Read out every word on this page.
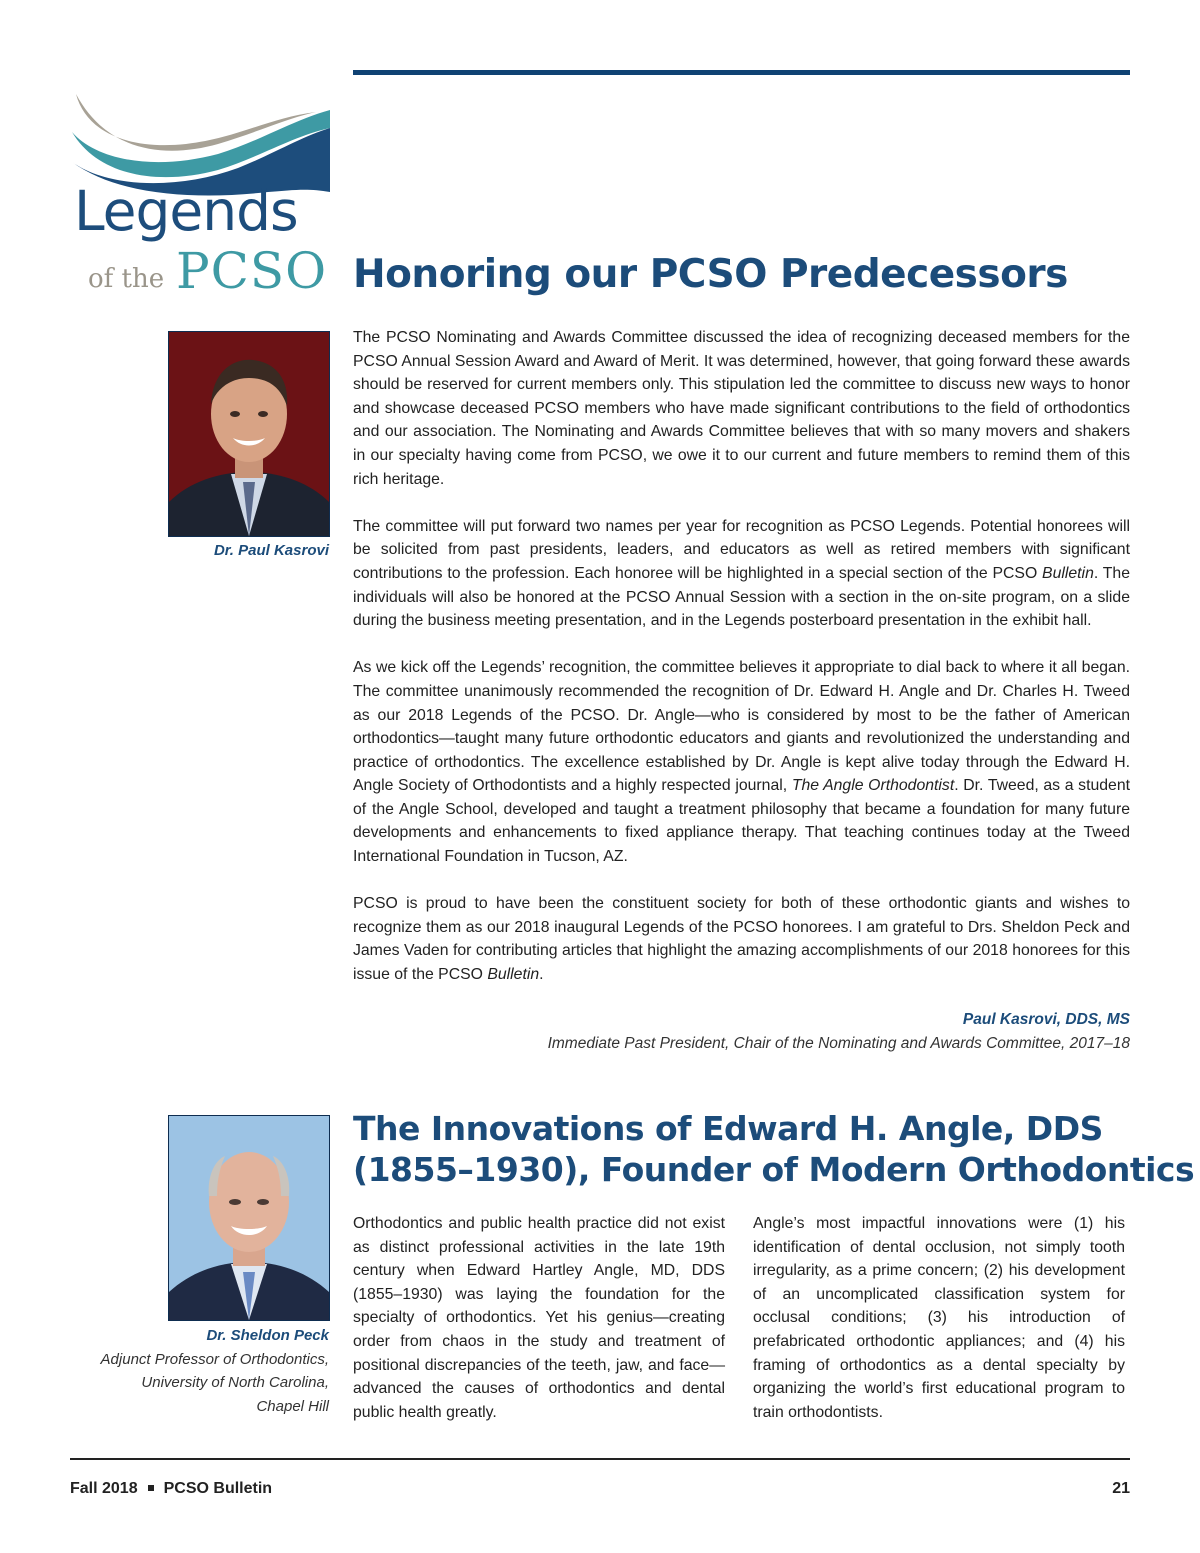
Legends
of the PCSO Honoring our PCSO Predecessors
Dr. Paul Kasrovi

The PCSO Nominating and Awards Committee discussed the idea of recognizing deceased members for the PCSO Annual Session Award and Award of Merit. It was determined, however, that going forward these awards should be reserved for current members only. This stipulation led the committee to discuss new ways to honor and showcase deceased PCSO members who have made significant contributions to the field of orthodontics and our association. The Nominating and Awards Committee believes that with so many movers and shakers in our specialty having come from PCSO, we owe it to our current and future members to remind them of this rich heritage.

The committee will put forward two names per year for recognition as PCSO Legends. Potential honorees will be solicited from past presidents, leaders, and educators as well as retired members with significant contributions to the profession. Each honoree will be highlighted in a special section of the PCSO Bulletin. The individuals will also be honored at the PCSO Annual Session with a section in the on-site program, on a slide during the business meeting presentation, and in the Legends posterboard presentation in the exhibit hall.

As we kick off the Legends’ recognition, the committee believes it appropriate to dial back to where it all began. The committee unanimously recommended the recognition of Dr. Edward H. Angle and Dr. Charles H. Tweed as our 2018 Legends of the PCSO. Dr. Angle—who is considered by most to be the father of American orthodontics—taught many future orthodontic educators and giants and revolutionized the understanding and practice of orthodontics. The excellence established by Dr. Angle is kept alive today through the Edward H. Angle Society of Orthodontists and a highly respected journal, The Angle Orthodontist. Dr. Tweed, as a student of the Angle School, developed and taught a treatment philosophy that became a foundation for many future developments and enhancements to fixed appliance therapy. That teaching continues today at the Tweed International Foundation in Tucson, AZ.

PCSO is proud to have been the constituent society for both of these orthodontic giants and wishes to recognize them as our 2018 inaugural Legends of the PCSO honorees. I am grateful to Drs. Sheldon Peck and James Vaden for contributing articles that highlight the amazing accomplishments of our 2018 honorees for this issue of the PCSO Bulletin.

Paul Kasrovi, DDS, MS
Immediate Past President, Chair of the Nominating and Awards Committee, 2017–18
The Innovations of Edward H. Angle, DDS
(1855–1930), Founder of Modern Orthodontics
Dr. Sheldon Peck
Adjunct Professor of Orthodontics,
University of North Carolina,
Chapel Hill

Orthodontics and public health practice did not exist as distinct professional activities in the late 19th century when Edward Hartley Angle, MD, DDS (1855–1930) was laying the foundation for the specialty of orthodontics. Yet his genius—creating order from chaos in the study and treatment of positional discrepancies of the teeth, jaw, and face—advanced the causes of orthodontics and dental public health greatly.

Angle’s most impactful innovations were (1) his identification of dental occlusion, not simply tooth irregularity, as a prime concern; (2) his development of an uncomplicated classification system for occlusal conditions; (3) his introduction of prefabricated orthodontic appliances; and (4) his framing of orthodontics as a dental specialty by organizing the world’s first educational program to train orthodontists.

Fall 2018 PCSO Bulletin	21
